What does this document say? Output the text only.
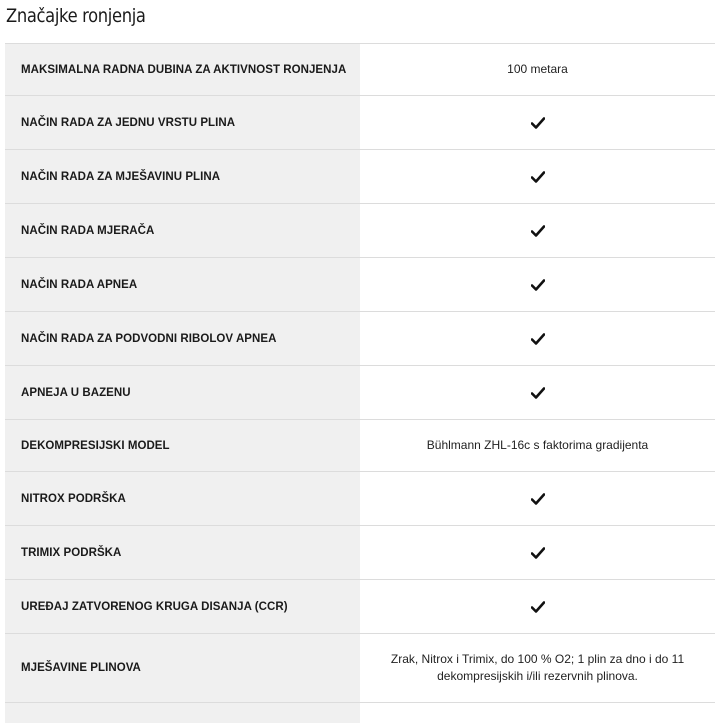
Značajke ronjenja
MAKSIMALNA RADNA DUBINA ZA AKTIVNOST RONJENJA	100 metara
NAČIN RADA ZA JEDNU VRSTU PLINA
NAČIN RADA ZA MJEŠAVINU PLINA
NAČIN RADA MJERAČA
NAČIN RADA APNEA
NAČIN RADA ZA PODVODNI RIBOLOV APNEA
APNEJA U BAZENU
DEKOMPRESIJSKI MODEL	Bühlmann ZHL-16c s faktorima gradijenta
NITROX PODRŠKA
TRIMIX PODRŠKA
UREĐAJ ZATVORENOG KRUGA DISANJA (CCR)
MJEŠAVINE PLINOVA
Zrak, Nitrox i Trimix, do 100 % O2; 1 plin za dno i do 11 dekompresijskih i/ili rezervnih plinova.
